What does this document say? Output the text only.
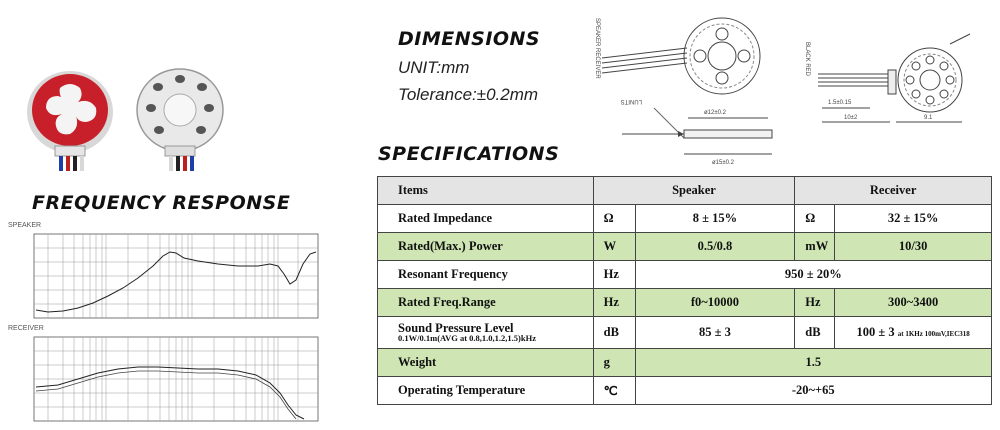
FREQUENCY RESPONSE
SPEAKER
RECEIVER
DIMENSIONS
UNIT:mm
Tolerance:±0.2mm
SPEAKER RECEIVER
LUNITS
ø12±0.2
ø15±0.2
BLACK RED
1.5±0.15
10±2	9.1
SPECIFICATIONS
Items	Speaker		Receiver	
Rated Impedance	Ω	8 ± 15%	Ω	32 ± 15%
Rated(Max.) Power	W	0.5/0.8	mW	10/30
Resonant Frequency	Hz	950 ± 20%		
Rated Freq.Range	Hz	f0~10000	Hz	300~3400
Sound Pressure Level
0.1W/0.1m(AVG at 0.8,1.0,1.2,1.5)kHz	dB	85 ± 3	dB	100 ± 3 at 1KHz 100mV,IEC318
Weight	g	1.5		
Operating Temperature	℃	-20~+65		
